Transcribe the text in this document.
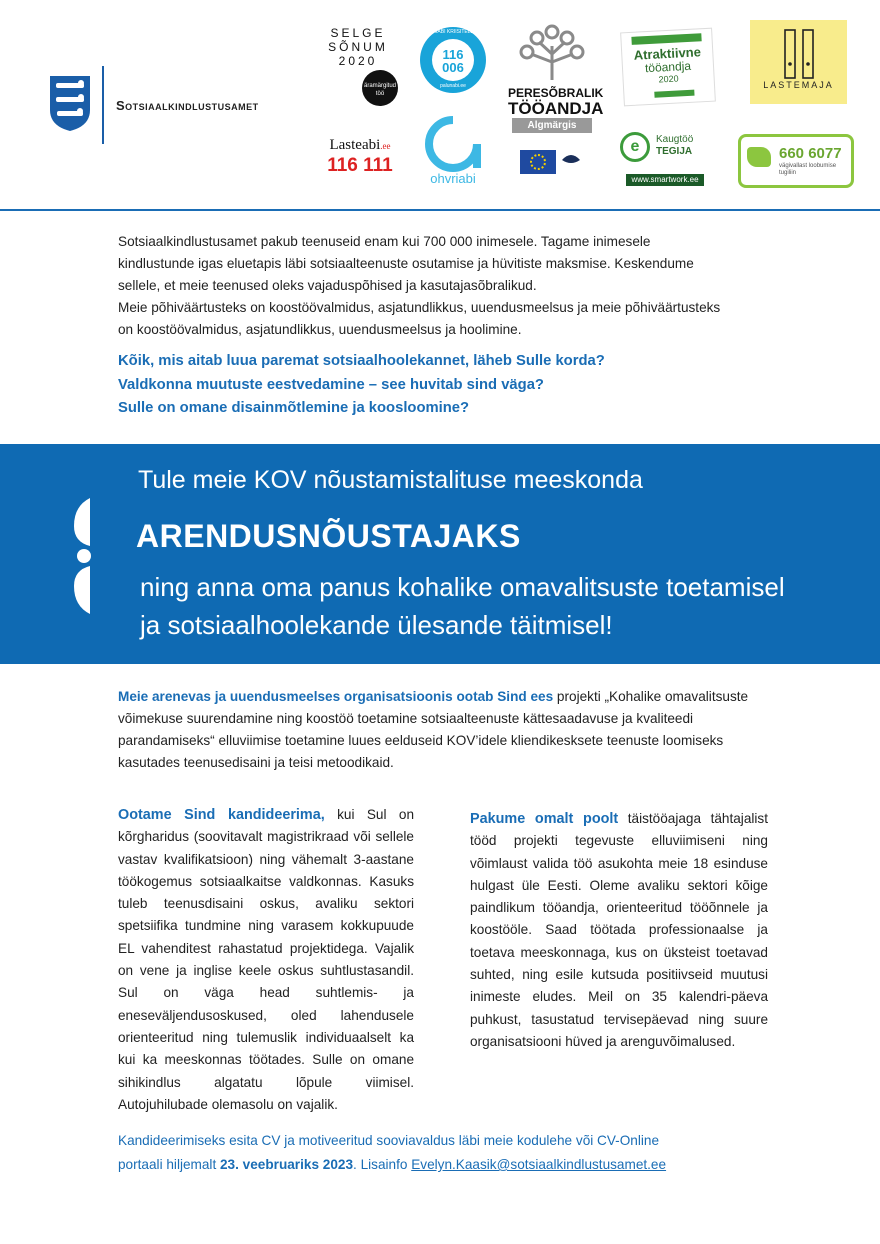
Sotsiaalkindlustusamet
SELGE
SÕNUM
2020
äramärgitud
töö
116
006
OHVRIABI KRIISITELEFON
palunabi.ee	PERESÕBRALIK
TÖÖANDJA
Algmärgis
Atraktiivne
tööandja
2020
LASTEMAJA
Lasteabi.ee
116 111
ohvriabi
e	Kaugtöö
TEGIJA
www.smartwork.ee
660 6077
vägivallast loobumise
tugiliin
Sotsiaalkindlustusamet pakub teenuseid enam kui 700 000 inimesele. Tagame inimesele
kindlustunde igas eluetapis läbi sotsiaalteenuste osutamise ja hüvitiste maksmise. Keskendume
sellele, et meie teenused oleks vajaduspõhised ja kasutajasõbralikud.
Meie põhiväärtusteks on koostöövalmidus, asjatundlikkus, uuendusmeelsus ja meie põhiväärtusteks
on koostöövalmidus, asjatundlikkus, uuendusmeelsus ja hoolimine.
Kõik, mis aitab luua paremat sotsiaalhoolekannet, läheb Sulle korda?
Valdkonna muutuste eestvedamine – see huvitab sind väga?
Sulle on omane disainmõtlemine ja koosloomine?
Tule meie KOV nõustamistalituse meeskonda
ARENDUSNÕUSTAJAKS
ning anna oma panus kohalike omavalitsuste toetamisel
ja sotsiaalhoolekande ülesande täitmisel!
Meie arenevas ja uuendusmeelses organisatsioonis ootab Sind ees projekti „Kohalike omavalitsuste võimekuse suurendamine ning koostöö toetamine sotsiaalteenuste kättesaadavuse ja kvaliteedi parandamiseks“ elluviimise toetamine luues eelduseid KOV’idele kliendikesksete teenuste loomiseks kasutades teenusedisaini ja teisi metoodikaid.
Ootame Sind kandideerima, kui Sul on kõrgharidus (soovitavalt magistrikraad või sellele vastav kvalifikatsioon) ning vähemalt 3-aastane töökogemus sotsiaalkaitse valdkonnas. Kasuks tuleb teenusdisaini oskus, avaliku sektori spetsiifika tundmine ning varasem kokkupuude EL vahenditest rahastatud projektidega. Vajalik on vene ja inglise keele oskus suhtlustasandil. Sul on väga head suhtlemis- ja eneseväljendusoskused, oled lahendusele orienteeritud ning tulemuslik individuaalselt ka kui ka meeskonnas töötades. Sulle on omane sihikindlus algatatu lõpule viimisel. Autojuhilubade olemasolu on vajalik.
Pakume omalt poolt täistööajaga tähtajalist tööd projekti tegevuste elluviimiseni ning võimlaust valida töö asukohta meie 18 esinduse hulgast üle Eesti. Oleme avaliku sektori kõige paindlikum tööandja, orienteeritud tööõnnele ja koostööle. Saad töötada professionaalse ja toetava meeskonnaga, kus on üksteist toetavad suhted, ning esile kutsuda positiivseid muutusi inimeste eludes. Meil on 35 kalendri-päeva puhkust, tasustatud tervisepäevad ning suure organisatsiooni hüved ja arenguvõimalused.
Kandideerimiseks esita CV ja motiveeritud sooviavaldus läbi meie kodulehe või CV-Online
portaali hiljemalt 23. veebruariks 2023. Lisainfo Evelyn.Kaasik@sotsiaalkindlustusamet.ee
